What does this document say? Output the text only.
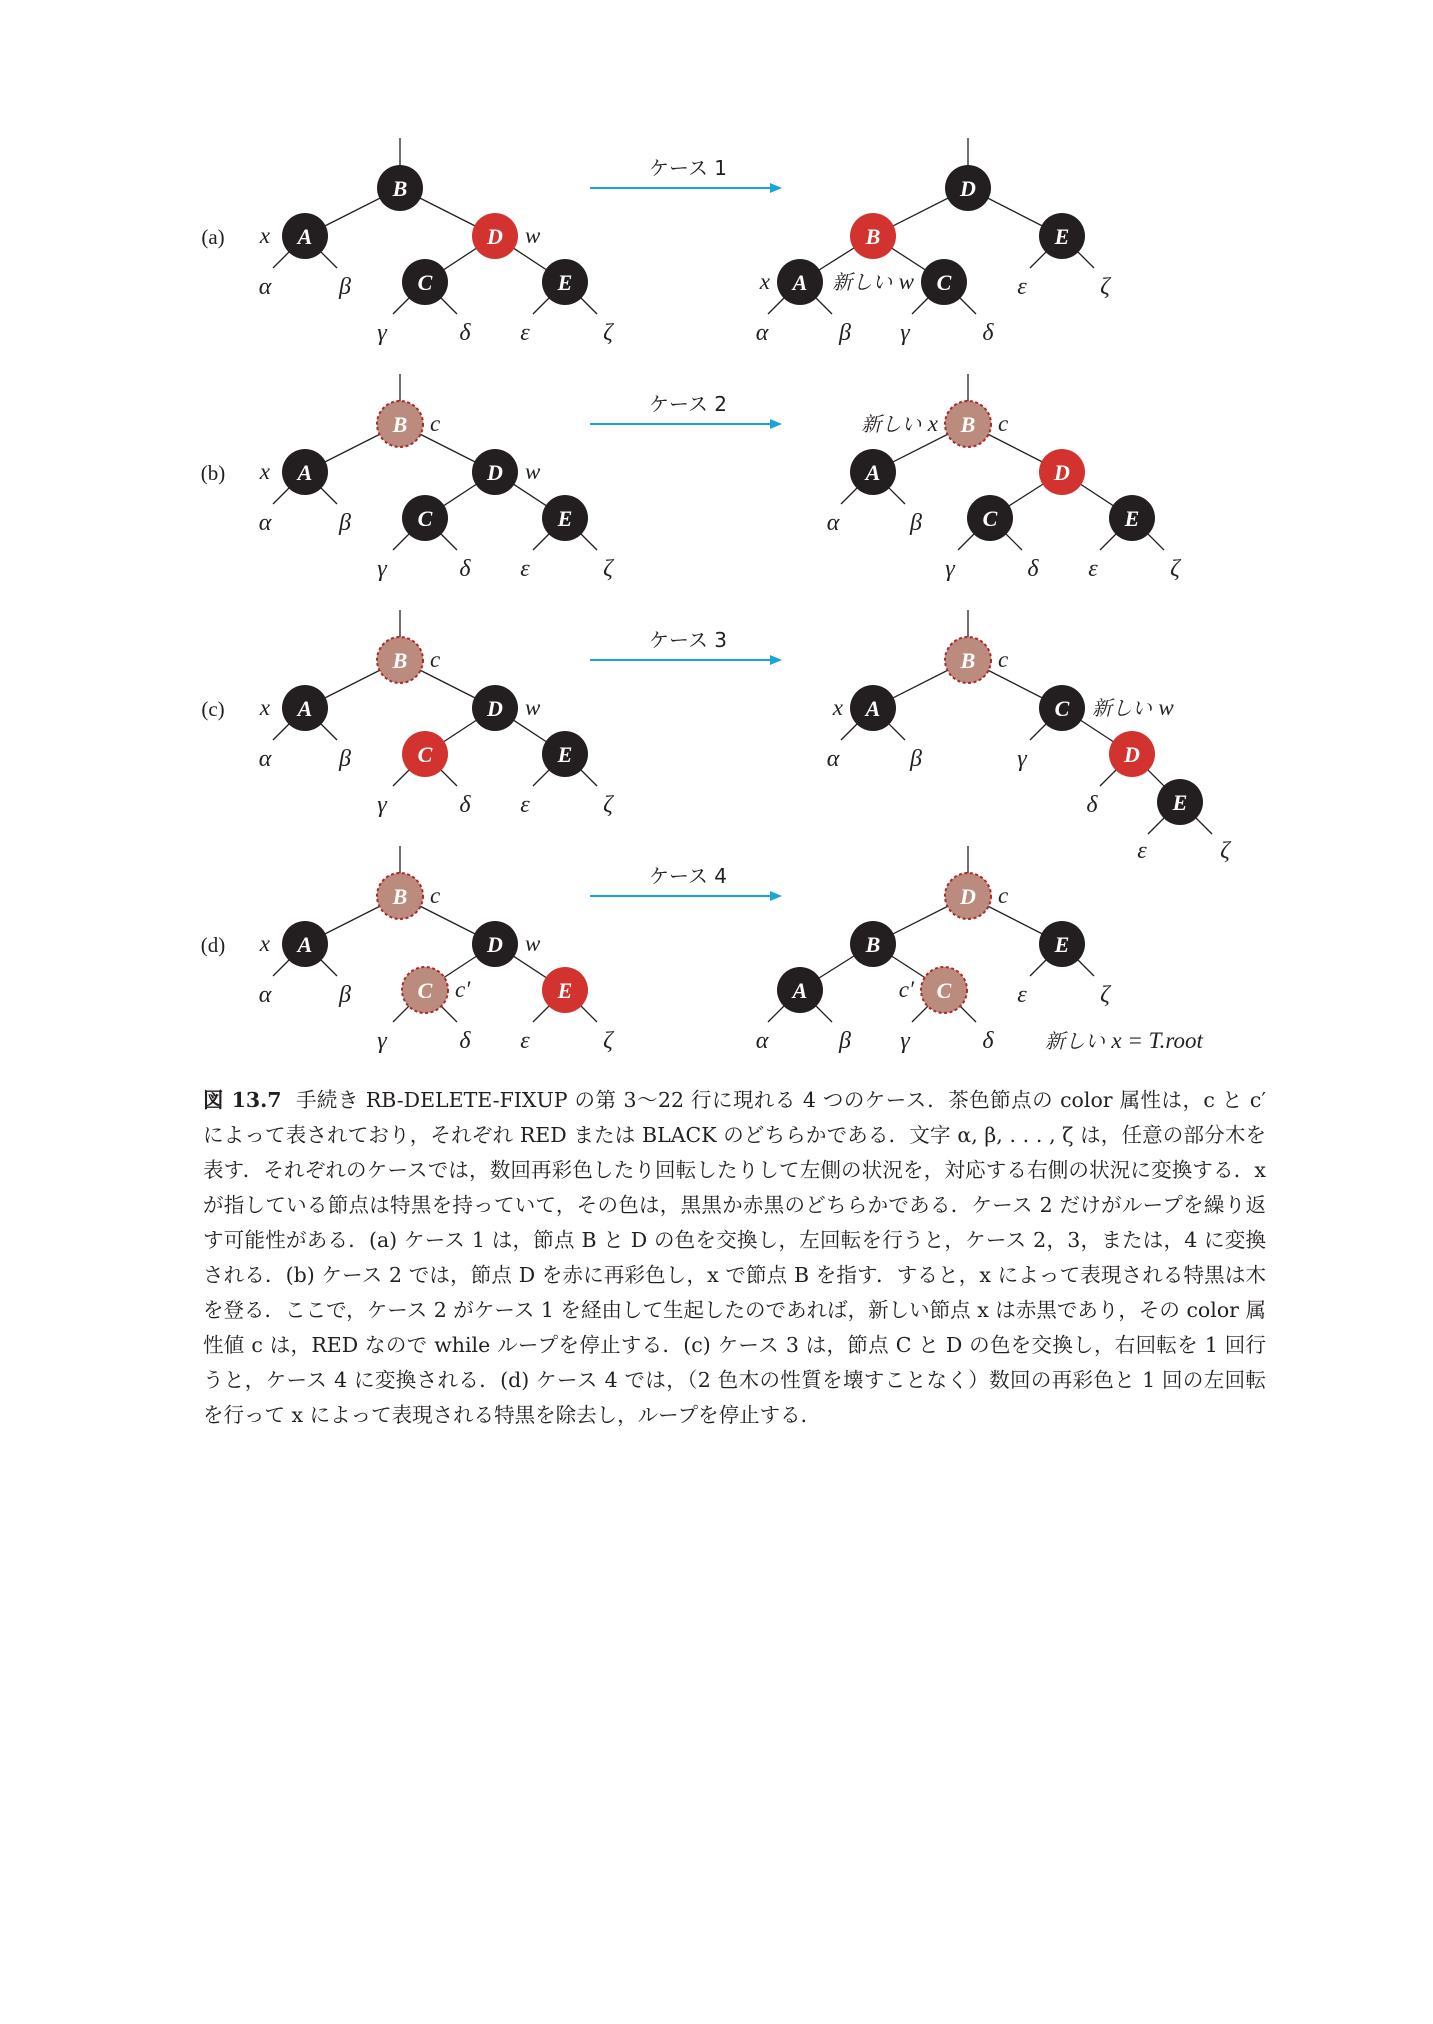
(a)
ケース 1
α	β
γ	δ ε	ζ
B
A
x	D w
C	E	ε	ζ
α	β γ	δ
D
B	E
A
x	C
新しい w
(b)
ケース 2
α	β
γ	δ ε	ζ
B c
A
x	D w
C	E	α	β
γ	δ ε	ζ
B c
新しい x
A	D
C	E
(c)
ケース 3
α	β
γ	δ ε	ζ
B c
A
x	D w
C	E	α	β	γ
δ
ε	ζ
B c
A
x	C 新しい w
D
E
(d)
ケース 4
α	β
γ	δ ε	ζ
B c
A
x	D w
C c′	E	ε	ζ
α	β γ	δ
D c
B	E
A	C
c′
新しい x = T.root
図 13.7 手続き RB-DELETE-FIXUP の第 3〜22 行に現れる 4 つのケース．茶色節点の color 属性は，c と c′ によって表されており，それぞれ RED または BLACK のどちらかである．文字 α, β, . . . , ζ は，任意の部分木を表す．それぞれのケースでは，数回再彩色したり回転したりして左側の状況を，対応する右側の状況に変換する．x が指している節点は特黒を持っていて，その色は，黒黒か赤黒のどちらかである．ケース 2 だけがループを繰り返す可能性がある．(a) ケース 1 は，節点 B と D の色を交換し，左回転を行うと，ケース 2，3，または，4 に変換される．(b) ケース 2 では，節点 D を赤に再彩色し，x で節点 B を指す．すると，x によって表現される特黒は木を登る．ここで，ケース 2 がケース 1 を経由して生起したのであれば，新しい節点 x は赤黒であり，その color 属性値 c は，RED なので while ループを停止する．(c) ケース 3 は，節点 C と D の色を交換し，右回転を 1 回行うと，ケース 4 に変換される．(d) ケース 4 では，（2 色木の性質を壊すことなく）数回の再彩色と 1 回の左回転を行って x によって表現される特黒を除去し，ループを停止する．
